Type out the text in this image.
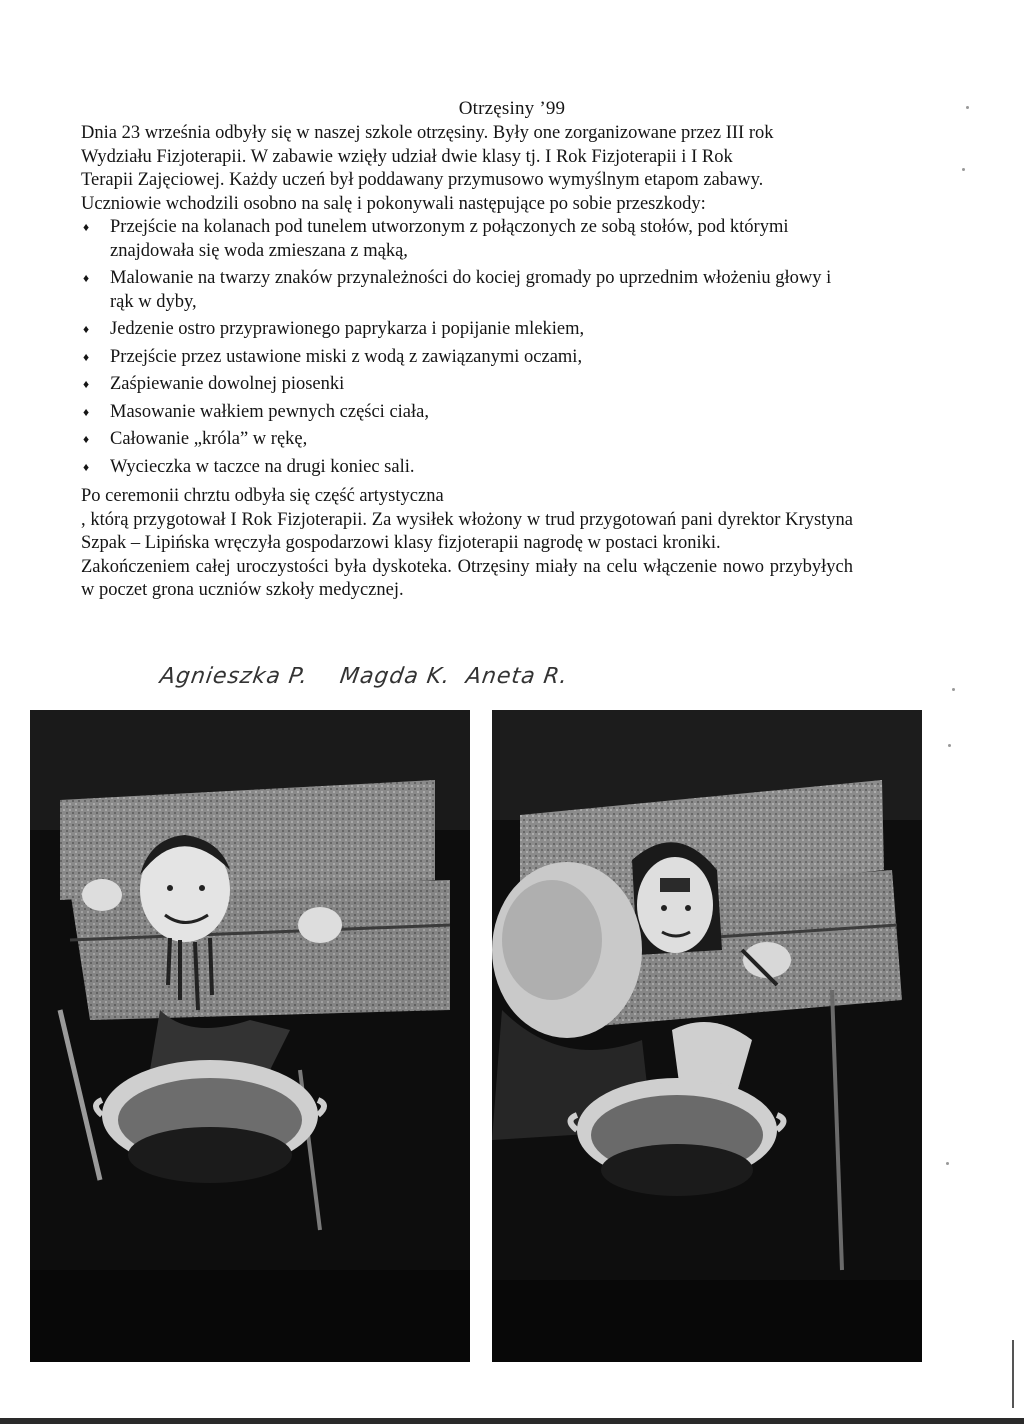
Otrzęsiny ’99

Dnia 23 września odbyły się w naszej szkole otrzęsiny. Były one zorganizowane przez III rok

Wydziału Fizjoterapii. W zabawie wzięły udział dwie klasy tj. I Rok Fizjoterapii i I Rok

Terapii Zajęciowej. Każdy uczeń był poddawany przymusowo wymyślnym etapom zabawy.

Uczniowie wchodzili osobno na salę i pokonywali następujące po sobie przeszkody:

♦ Przejście na kolanach pod tunelem utworzonym z połączonych ze sobą stołów, pod którymi znajdowała się woda zmieszana z mąką,
♦ Malowanie na twarzy znaków przynależności do kociej gromady po uprzednim włożeniu głowy i rąk w dyby,
♦ Jedzenie ostro przyprawionego paprykarza i popijanie mlekiem,
♦ Przejście przez ustawione miski z wodą z zawiązanymi oczami,
♦ Zaśpiewanie dowolnej piosenki
♦ Masowanie wałkiem pewnych części ciała,
♦ Całowanie „króla” w rękę,
♦ Wycieczka w taczce na drugi koniec sali.

Po ceremonii chrztu odbyła się część artystyczna

, którą przygotował I Rok Fizjoterapii. Za wysiłek włożony w trud przygotowań pani dyrektor Krystyna Szpak – Lipińska wręczyła gospodarzowi klasy fizjoterapii nagrodę w postaci kroniki.

Zakończeniem całej uroczystości była dyskoteka. Otrzęsiny miały na celu włączenie nowo przybyłych w poczet grona uczniów szkoły medycznej.

Agnieszka P. Magda K. Aneta R.
